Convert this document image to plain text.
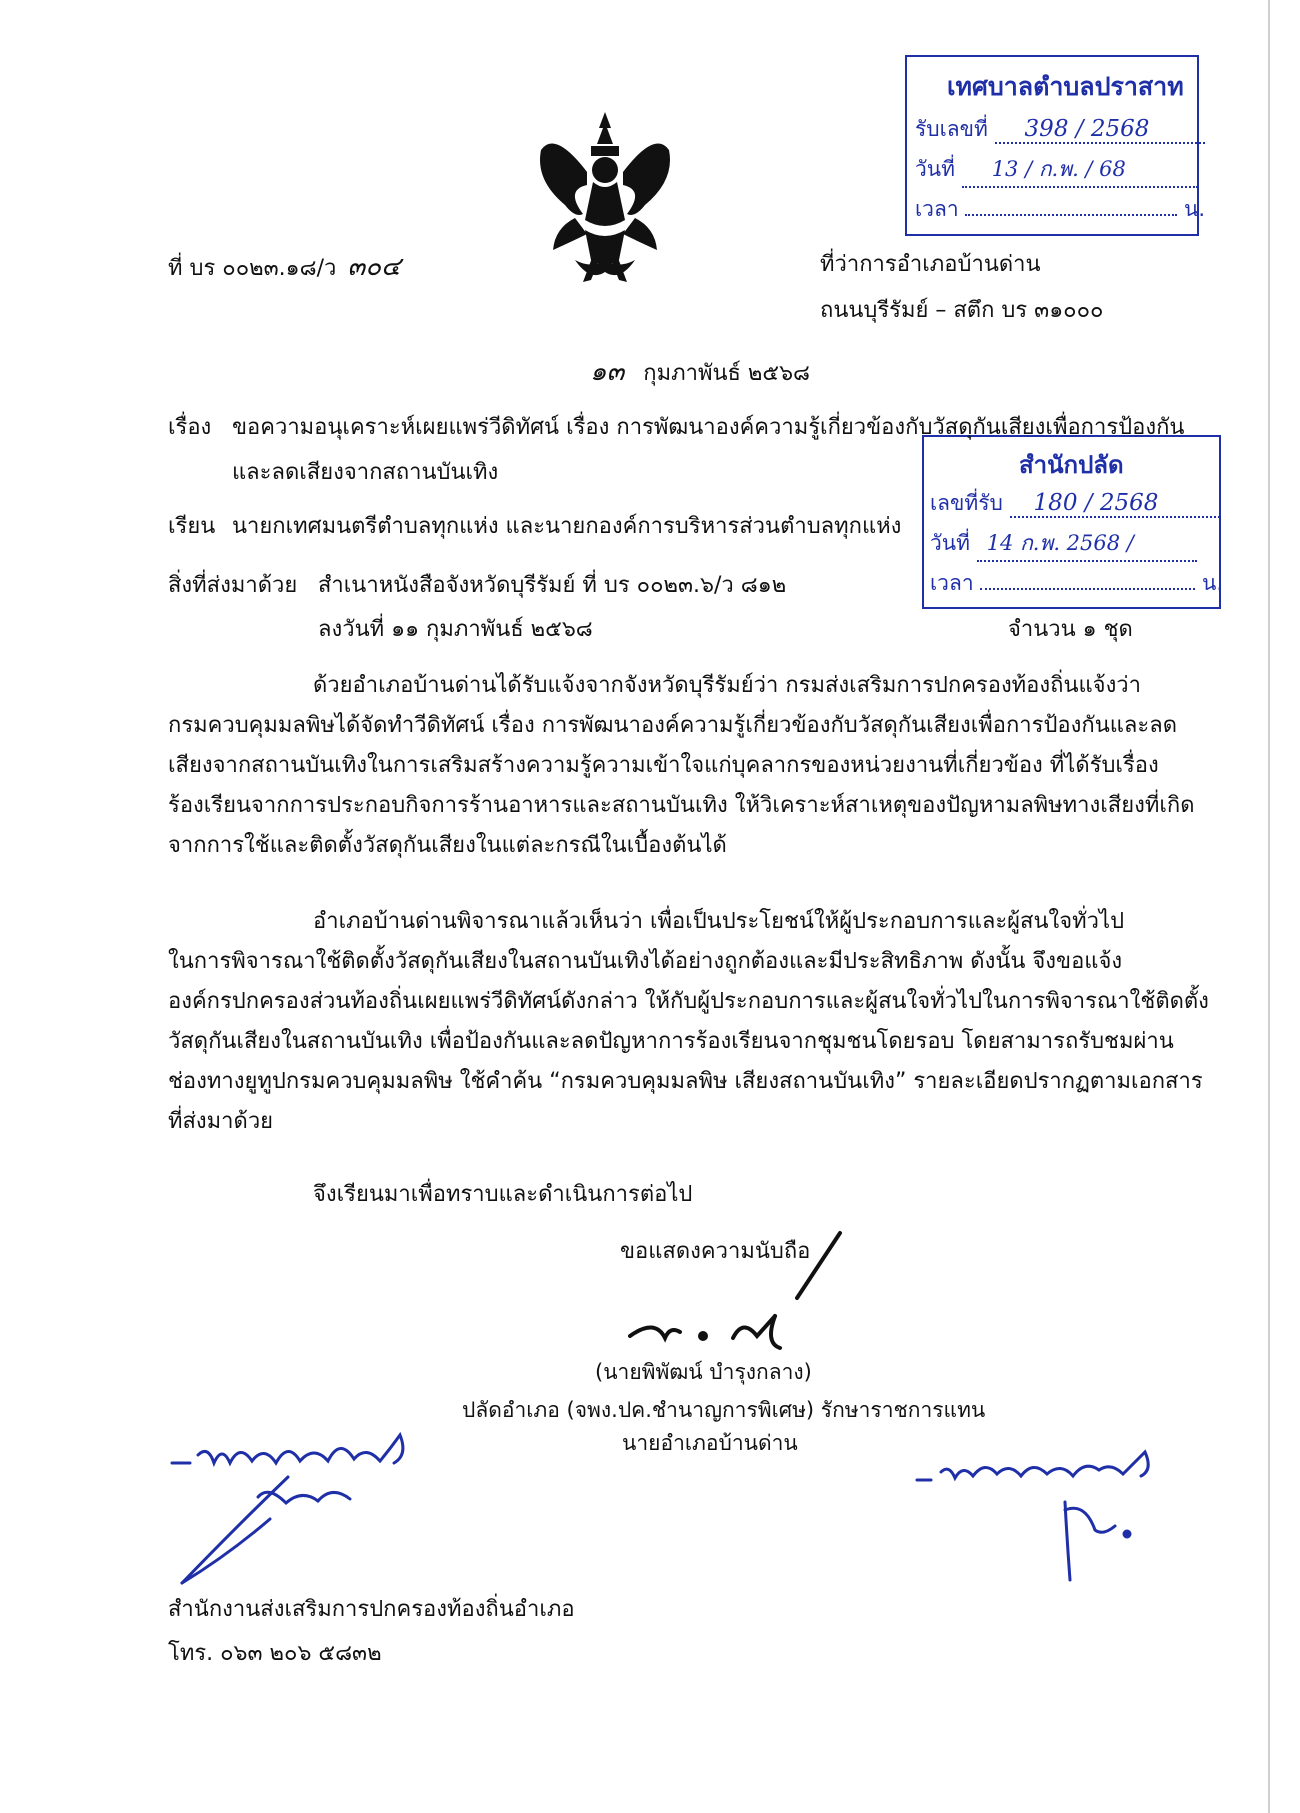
เทศบาลตำบลปราสาท
รับเลขที่ 398 / 2568
วันที่ 13 / ก.พ. / 68
เวลา	น.
สำนักปลัด
เลขที่รับ 180 / 2568
วันที่ 14 ก.พ. 2568 /
เวลา	น.
ที่ บร ๐๐๒๓.๑๘/ว ๓๐๔	ที่ว่าการอำเภอบ้านด่าน
ถนนบุรีรัมย์ – สตึก บร ๓๑๐๐๐
๑๓ กุมภาพันธ์ ๒๕๖๘
เรื่อง ขอความอนุเคราะห์เผยแพร่วีดิทัศน์ เรื่อง การพัฒนาองค์ความรู้เกี่ยวข้องกับวัสดุกันเสียงเพื่อการป้องกัน
และลดเสียงจากสถานบันเทิง
เรียน นายกเทศมนตรีตำบลทุกแห่ง และนายกองค์การบริหารส่วนตำบลทุกแห่ง
สิ่งที่ส่งมาด้วย สำเนาหนังสือจังหวัดบุรีรัมย์ ที่ บร ๐๐๒๓.๖/ว ๘๑๒
ลงวันที่ ๑๑ กุมภาพันธ์ ๒๕๖๘	จำนวน ๑ ชุด
ด้วยอำเภอบ้านด่านได้รับแจ้งจากจังหวัดบุรีรัมย์ว่า กรมส่งเสริมการปกครองท้องถิ่นแจ้งว่า
กรมควบคุมมลพิษได้จัดทำวีดิทัศน์ เรื่อง การพัฒนาองค์ความรู้เกี่ยวข้องกับวัสดุกันเสียงเพื่อการป้องกันและลด
เสียงจากสถานบันเทิงในการเสริมสร้างความรู้ความเข้าใจแก่บุคลากรของหน่วยงานที่เกี่ยวข้อง ที่ได้รับเรื่อง
ร้องเรียนจากการประกอบกิจการร้านอาหารและสถานบันเทิง ให้วิเคราะห์สาเหตุของปัญหามลพิษทางเสียงที่เกิด
จากการใช้และติดตั้งวัสดุกันเสียงในแต่ละกรณีในเบื้องต้นได้
อำเภอบ้านด่านพิจารณาแล้วเห็นว่า เพื่อเป็นประโยชน์ให้ผู้ประกอบการและผู้สนใจทั่วไป
ในการพิจารณาใช้ติดตั้งวัสดุกันเสียงในสถานบันเทิงได้อย่างถูกต้องและมีประสิทธิภาพ ดังนั้น จึงขอแจ้ง
องค์กรปกครองส่วนท้องถิ่นเผยแพร่วีดิทัศน์ดังกล่าว ให้กับผู้ประกอบการและผู้สนใจทั่วไปในการพิจารณาใช้ติดตั้ง
วัสดุกันเสียงในสถานบันเทิง เพื่อป้องกันและลดปัญหาการร้องเรียนจากชุมชนโดยรอบ โดยสามารถรับชมผ่าน
ช่องทางยูทูปกรมควบคุมมลพิษ ใช้คำค้น “กรมควบคุมมลพิษ เสียงสถานบันเทิง” รายละเอียดปรากฏตามเอกสาร
ที่ส่งมาด้วย
จึงเรียนมาเพื่อทราบและดำเนินการต่อไป
ขอแสดงความนับถือ
(นายพิพัฒน์ บำรุงกลาง)
ปลัดอำเภอ (จพง.ปค.ชำนาญการพิเศษ) รักษาราชการแทน
นายอำเภอบ้านด่าน
สำนักงานส่งเสริมการปกครองท้องถิ่นอำเภอ
โทร. ๐๖๓ ๒๐๖ ๕๘๓๒
